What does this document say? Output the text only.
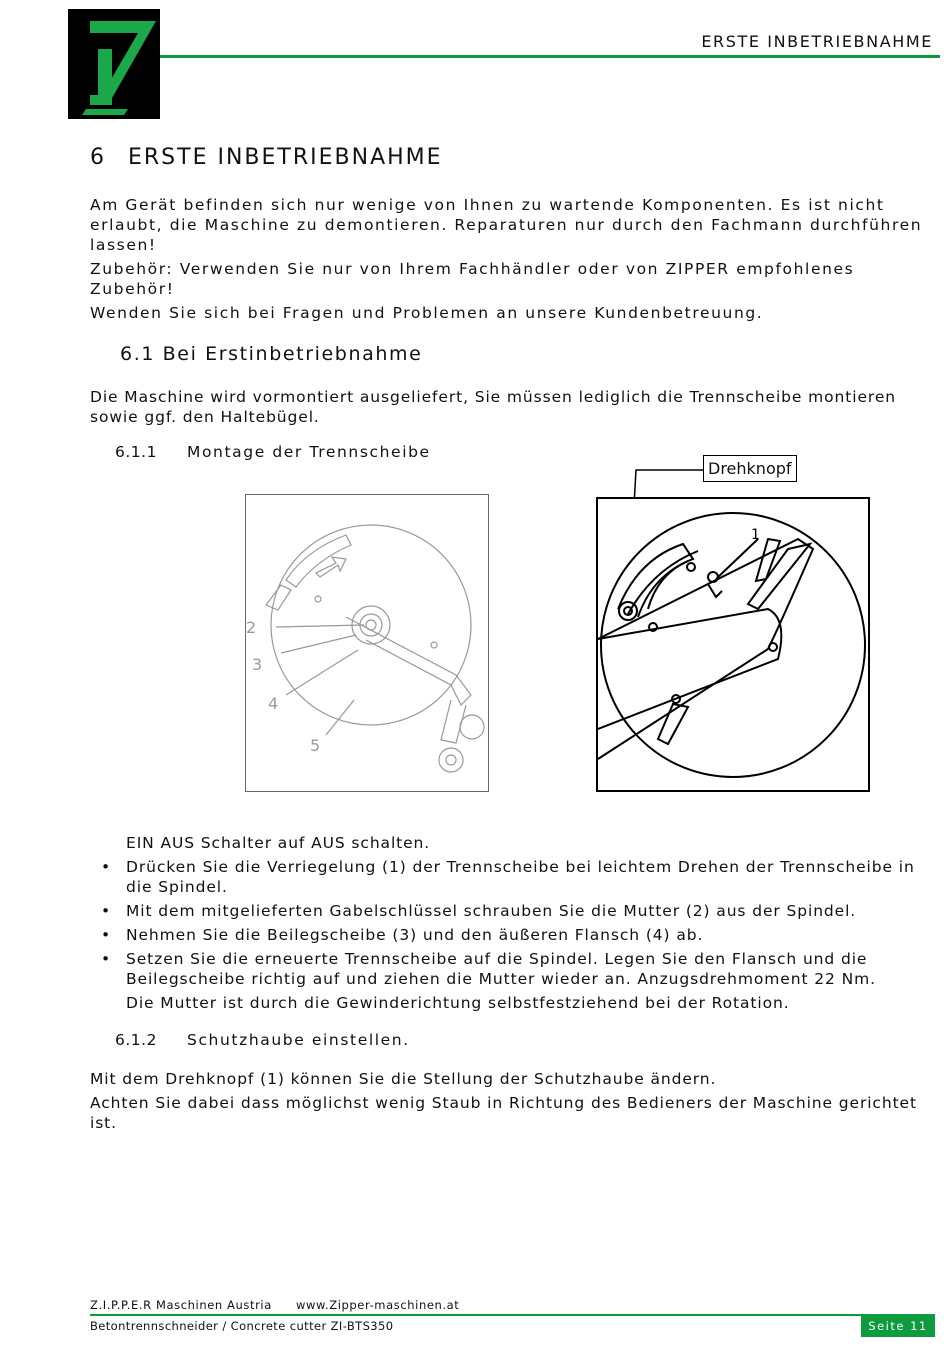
ERSTE INBETRIEBNAHME
6 ERSTE INBETRIEBNAHME
Am Gerät befinden sich nur wenige von Ihnen zu wartende Komponenten. Es ist nicht erlaubt, die Maschine zu demontieren. Reparaturen nur durch den Fachmann durchführen lassen!
Zubehör: Verwenden Sie nur von Ihrem Fachhändler oder von ZIPPER empfohlenes Zubehör!
Wenden Sie sich bei Fragen und Problemen an unsere Kundenbetreuung.
6.1 Bei Erstinbetriebnahme
Die Maschine wird vormontiert ausgeliefert, Sie müssen lediglich die Trennscheibe montieren sowie ggf. den Haltebügel.
6.1.1 Montage der Trennscheibe
2
3
4
5
Drehknopf
1
EIN AUS Schalter auf AUS schalten.
• Drücken Sie die Verriegelung (1) der Trennscheibe bei leichtem Drehen der Trennscheibe in die Spindel.
• Mit dem mitgelieferten Gabelschlüssel schrauben Sie die Mutter (2) aus der Spindel.
• Nehmen Sie die Beilegscheibe (3) und den äußeren Flansch (4) ab.
• Setzen Sie die erneuerte Trennscheibe auf die Spindel. Legen Sie den Flansch und die Beilegscheibe richtig auf und ziehen die Mutter wieder an. Anzugsdrehmoment 22 Nm.
Die Mutter ist durch die Gewinderichtung selbstfestziehend bei der Rotation.
6.1.2 Schutzhaube einstellen.
Mit dem Drehknopf (1) können Sie die Stellung der Schutzhaube ändern.
Achten Sie dabei dass möglichst wenig Staub in Richtung des Bedieners der Maschine gerichtet ist.
Z.I.P.P.E.R Maschinen Austria www.Zipper-maschinen.at
Betontrennschneider / Concrete cutter ZI-BTS350	Seite 11
